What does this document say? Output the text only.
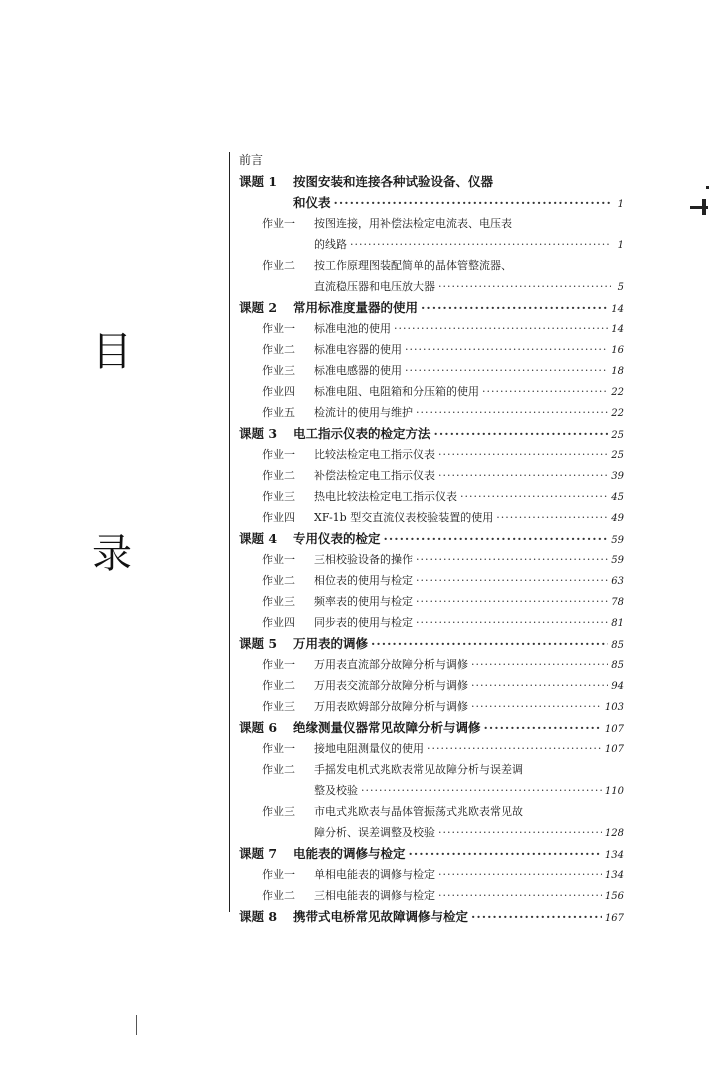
目
录
前言
课题 1	按图安装和连接各种试验设备、仪器
和仪表 ·····	1
作业一	按图连接，用补偿法检定电流表、电压表
的线路 ·····	1
作业二	按工作原理图装配简单的晶体管整流器、
直流稳压器和电压放大器 ·····	5
课题 2	常用标准度量器的使用 ·····	14
作业一	标准电池的使用 ·····	14
作业二	标准电容器的使用 ·····	16
作业三	标准电感器的使用 ·····	18
作业四	标准电阻、电阻箱和分压箱的使用 ·····	22
作业五	检流计的使用与维护 ·····	22
课题 3	电工指示仪表的检定方法 ·····	25
作业一	比较法检定电工指示仪表 ·····	25
作业二	补偿法检定电工指示仪表 ·····	39
作业三	热电比较法检定电工指示仪表 ·····	45
作业四	XF-1b 型交直流仪表校验装置的使用 ·····	49
课题 4	专用仪表的检定 ·····	59
作业一	三相校验设备的操作 ·····	59
作业二	相位表的使用与检定 ·····	63
作业三	频率表的使用与检定 ·····	78
作业四	同步表的使用与检定 ·····	81
课题 5	万用表的调修 ·····	85
作业一	万用表直流部分故障分析与调修 ·····	85
作业二	万用表交流部分故障分析与调修 ·····	94
作业三	万用表欧姆部分故障分析与调修 ·····	103
课题 6	绝缘测量仪器常见故障分析与调修 ·····	107
作业一	接地电阻测量仪的使用 ·····	107
作业二	手摇发电机式兆欧表常见故障分析与误差调
整及校验 ·····	110
作业三	市电式兆欧表与晶体管振荡式兆欧表常见故
障分析、误差调整及校验 ·····	128
课题 7	电能表的调修与检定 ·····	134
作业一	单相电能表的调修与检定 ·····	134
作业二	三相电能表的调修与检定 ·····	156
课题 8	携带式电桥常见故障调修与检定 ·····	167
